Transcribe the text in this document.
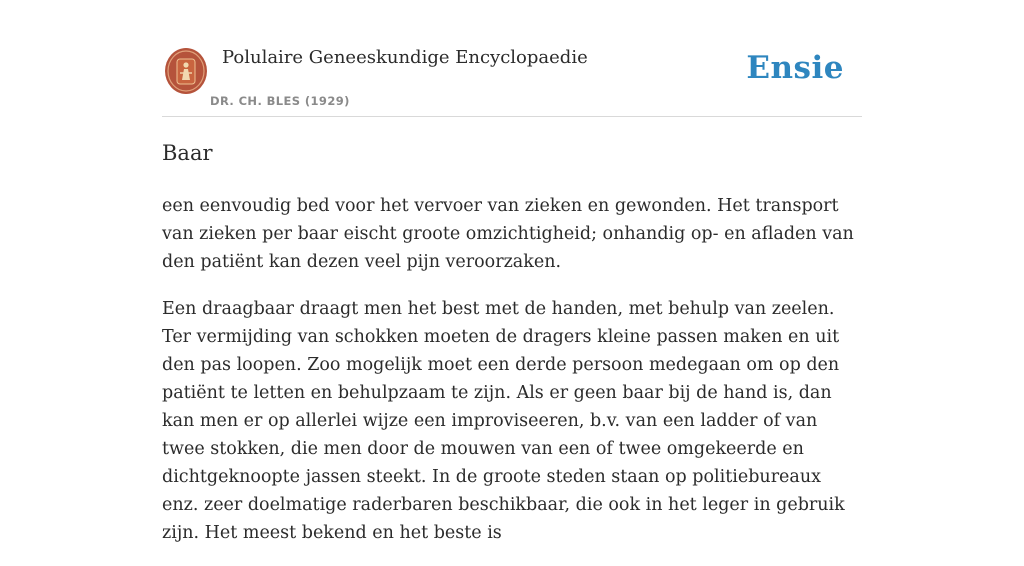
Polulaire Geneeskundige Encyclopaedie
DR. CH. BLES (1929)
Ensie
Baar

een eenvoudig bed voor het vervoer van zieken en gewonden. Het transport van zieken per baar eischt groote omzichtigheid; onhandig op- en afladen van den patiënt kan dezen veel pijn veroorzaken.

Een draagbaar draagt men het best met de handen, met behulp van zeelen. Ter vermijding van schokken moeten de dragers kleine passen maken en uit den pas loopen. Zoo mogelijk moet een derde persoon medegaan om op den patiënt te letten en behulpzaam te zijn. Als er geen baar bij de hand is, dan kan men er op allerlei wijze een improviseeren, b.v. van een ladder of van twee stokken, die men door de mouwen van een of twee omgekeerde en dichtgeknoopte jassen steekt. In de groote steden staan op politiebureaux enz. zeer doelmatige raderbaren beschikbaar, die ook in het leger in gebruik zijn. Het meest bekend en het beste is
